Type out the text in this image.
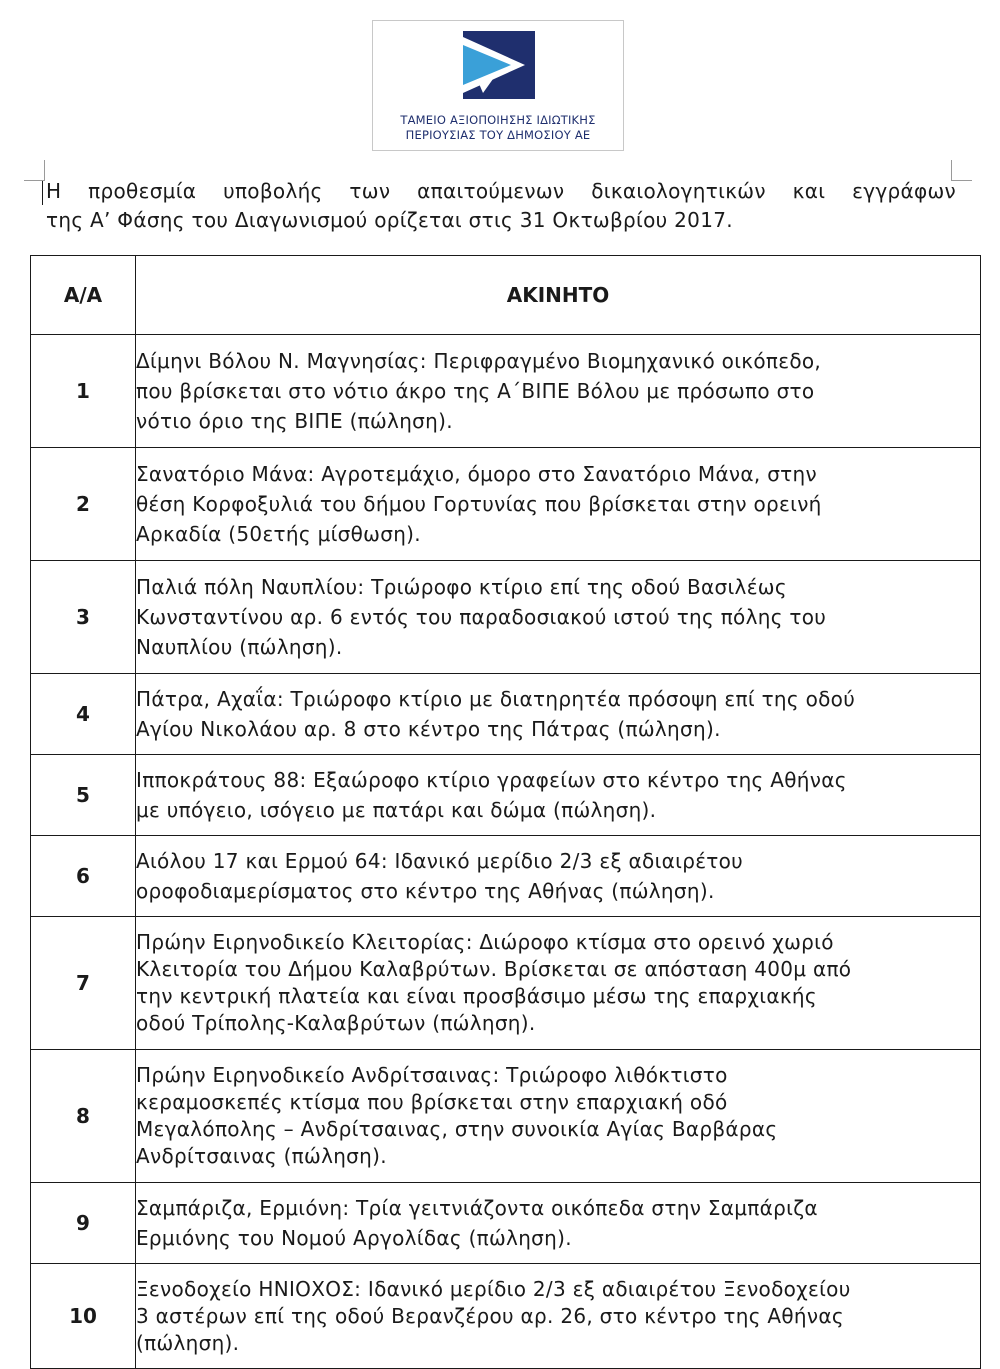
ΤΑΜΕΙΟ ΑΞΙΟΠΟΙΗΣΗΣ ΙΔΙΩΤΙΚΗΣ
ΠΕΡΙΟΥΣΙΑΣ ΤΟΥ ΔΗΜΟΣΙΟΥ ΑΕ
Η προθεσμία υποβολής των απαιτούμενων δικαιολογητικών και εγγράφων
της Α’ Φάσης του Διαγωνισμού ορίζεται στις 31 Οκτωβρίου 2017.
Α/Α	ΑΚΙΝΗΤΟ
1	Δίμηνι Βόλου Ν. Μαγνησίας: Περιφραγμένο Βιομηχανικό οικόπεδο,
που βρίσκεται στο νότιο άκρο της Α΄ΒΙΠΕ Βόλου με πρόσωπο στο
νότιο όριο της ΒΙΠΕ (πώληση).
2	Σανατόριο Μάνα: Αγροτεμάχιο, όμορο στο Σανατόριο Μάνα, στην
θέση Κορφοξυλιά του δήμου Γορτυνίας που βρίσκεται στην ορεινή
Αρκαδία (50ετής μίσθωση).
3	Παλιά πόλη Ναυπλίου: Τριώροφο κτίριο επί της οδού Βασιλέως
Κωνσταντίνου αρ. 6 εντός του παραδοσιακού ιστού της πόλης του
Ναυπλίου (πώληση).
4	Πάτρα, Αχαΐα: Τριώροφο κτίριο με διατηρητέα πρόσοψη επί της οδού
Αγίου Νικολάου αρ. 8 στο κέντρο της Πάτρας (πώληση).
5	Ιπποκράτους 88: Εξαώροφο κτίριο γραφείων στο κέντρο της Αθήνας
με υπόγειο, ισόγειο με πατάρι και δώμα (πώληση).
6	Αιόλου 17 και Ερμού 64: Ιδανικό μερίδιο 2/3 εξ αδιαιρέτου
οροφοδιαμερίσματος στο κέντρο της Αθήνας (πώληση).
7	Πρώην Ειρηνοδικείο Κλειτορίας: Διώροφο κτίσμα στο ορεινό χωριό
Κλειτορία του Δήμου Καλαβρύτων. Βρίσκεται σε απόσταση 400μ από
την κεντρική πλατεία και είναι προσβάσιμο μέσω της επαρχιακής
οδού Τρίπολης-Καλαβρύτων (πώληση).
8	Πρώην Ειρηνοδικείο Ανδρίτσαινας: Τριώροφο λιθόκτιστο
κεραμοσκεπές κτίσμα που βρίσκεται στην επαρχιακή οδό
Μεγαλόπολης – Ανδρίτσαινας, στην συνοικία Αγίας Βαρβάρας
Ανδρίτσαινας (πώληση).
9	Σαμπάριζα, Ερμιόνη: Τρία γειτνιάζοντα οικόπεδα στην Σαμπάριζα
Ερμιόνης του Νομού Αργολίδας (πώληση).
10	Ξενοδοχείο ΗΝΙΟΧΟΣ: Ιδανικό μερίδιο 2/3 εξ αδιαιρέτου Ξενοδοχείου
3 αστέρων επί της οδού Βερανζέρου αρ. 26, στο κέντρο της Αθήνας
(πώληση).
